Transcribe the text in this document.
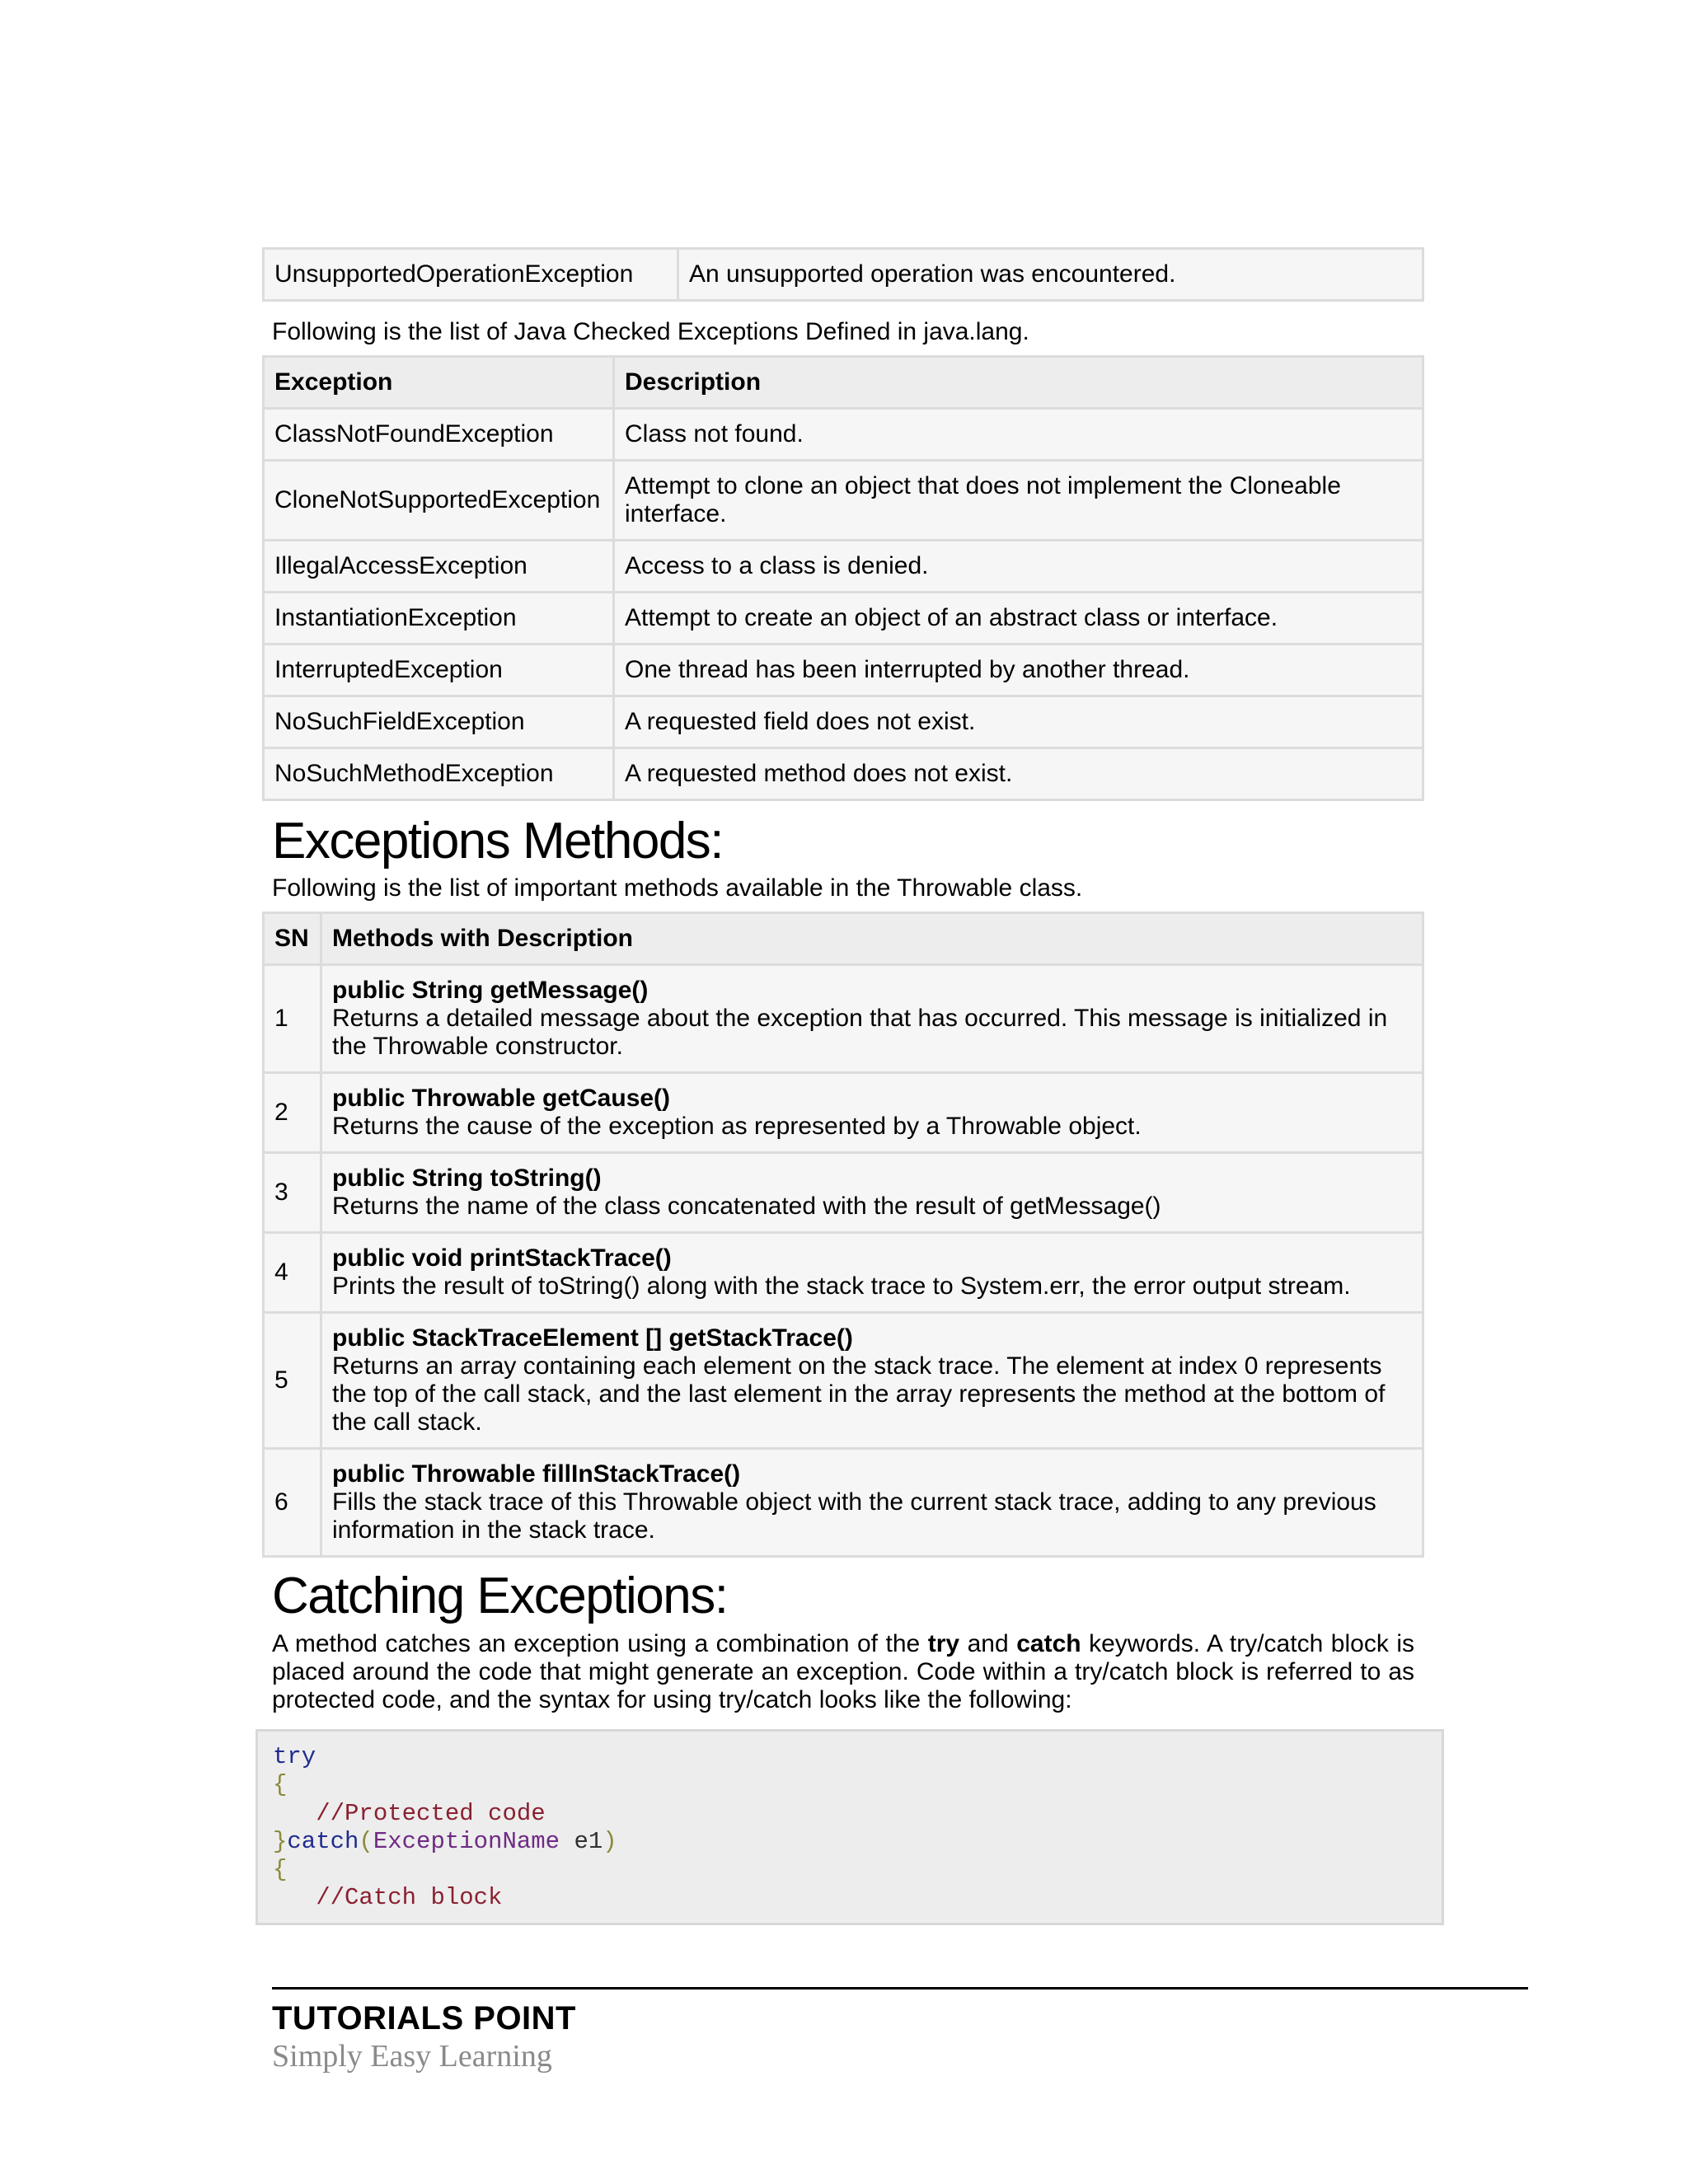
UnsupportedOperationException	An unsupported operation was encountered.
Following is the list of Java Checked Exceptions Defined in java.lang.
Exception	Description
ClassNotFoundException	Class not found.
CloneNotSupportedException	Attempt to clone an object that does not implement the Cloneable interface.
IllegalAccessException	Access to a class is denied.
InstantiationException	Attempt to create an object of an abstract class or interface.
InterruptedException	One thread has been interrupted by another thread.
NoSuchFieldException	A requested field does not exist.
NoSuchMethodException	A requested method does not exist.
Exceptions Methods:
Following is the list of important methods available in the Throwable class.
SN	Methods with Description
1	public String getMessage()
Returns a detailed message about the exception that has occurred. This message is initialized in the Throwable constructor.

2	public Throwable getCause()
Returns the cause of the exception as represented by a Throwable object.

3	public String toString()
Returns the name of the class concatenated with the result of getMessage()

4	public void printStackTrace()
Prints the result of toString() along with the stack trace to System.err, the error output stream.

5	public StackTraceElement [] getStackTrace()
Returns an array containing each element on the stack trace. The element at index 0 represents the top of the call stack, and the last element in the array represents the method at the bottom of the call stack.

6	public Throwable fillInStackTrace()
Fills the stack trace of this Throwable object with the current stack trace, adding to any previous information in the stack trace.
Catching Exceptions:
A method catches an exception using a combination of the try and catch keywords. A try/catch block is placed around the code that might generate an exception. Code within a try/catch block is referred to as protected code, and the syntax for using try/catch looks like the following:
try
{
//Protected code
}catch(ExceptionName e1)
{
//Catch block
TUTORIALS POINT
Simply Easy Learning
